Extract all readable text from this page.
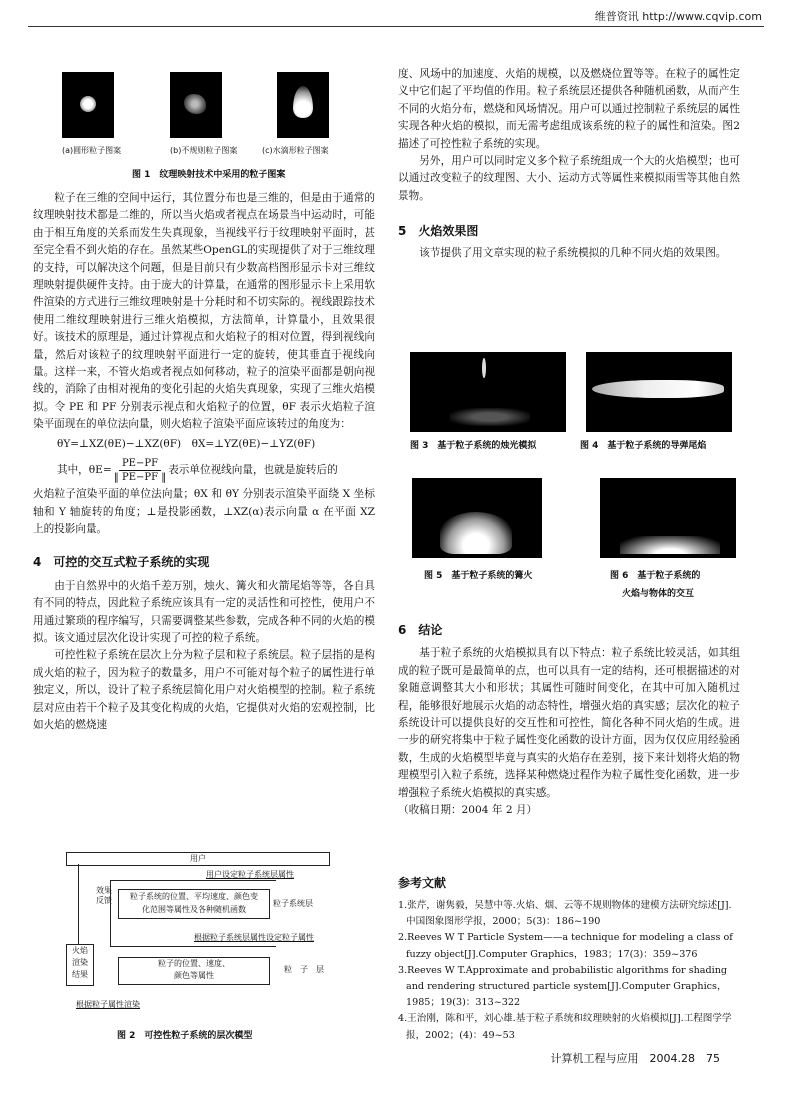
维普资讯 http://www.cqvip.com
(a)圆形粒子图案	(b)不规则粒子图案	(c)水滴形粒子图案
图 1　纹理映射技术中采用的粒子图案

粒子在三维的空间中运行，其位置分布也是三维的，但是由于通常的纹理映射技术都是二维的，所以当火焰或者视点在场景当中运动时，可能由于相互角度的关系而发生失真现象，当视线平行于纹理映射平面时，甚至完全看不到火焰的存在。虽然某些OpenGL的实现提供了对于三维纹理的支持，可以解决这个问题，但是目前只有少数高档图形显示卡对三维纹理映射提供硬件支持。由于庞大的计算量，在通常的图形显示卡上采用软件渲染的方式进行三维纹理映射是十分耗时和不切实际的。视线跟踪技术使用二维纹理映射进行三维火焰模拟，方法简单，计算量小，且效果很好。该技术的原理是，通过计算视点和火焰粒子的相对位置，得到视线向量，然后对该粒子的纹理映射平面进行一定的旋转，使其垂直于视线向量。这样一来，不管火焰或者视点如何移动，粒子的渲染平面都是朝向视线的，消除了由相对视角的变化引起的火焰失真现象，实现了三维火焰模拟。令 PE 和 PF 分别表示视点和火焰粒子的位置，θF 表示火焰粒子渲染平面现在的单位法向量，则火焰粒子渲染平面应该转过的角度为：

θY=⊥XZ(θE)−⊥XZ(θF)　θX=⊥YZ(θE)−⊥YZ(θF)
其中，$\theta E= \frac{PE-PF}{‖ PE-PF ‖}$ 表示单位视线向量，也就是旋转后的

火焰粒子渲染平面的单位法向量；θX 和 θY 分别表示渲染平面绕 X 坐标轴和 Y 轴旋转的角度；⊥是投影函数，⊥XZ(α)表示向量 α 在平面 XZ 上的投影向量。

4　可控的交互式粒子系统的实现

由于自然界中的火焰千差万别，烛火、篝火和火箭尾焰等等，各自具有不同的特点，因此粒子系统应该具有一定的灵活性和可控性，使用户不用通过繁琐的程序编写，只需要调整某些参数，完成各种不同的火焰的模拟。该文通过层次化设计实现了可控的粒子系统。

可控性粒子系统在层次上分为粒子层和粒子系统层。粒子层指的是构成火焰的粒子，因为粒子的数量多，用户不可能对每个粒子的属性进行单独定义，所以，设计了粒子系统层简化用户对火焰模型的控制。粒子系统层对应由若干个粒子及其变化构成的火焰，它提供对火焰的宏观控制，比如火焰的燃烧速

用户
用户设定粒子系统层属性
效果
反馈	粒子系统的位置、平均速度、颜色变
化范围等属性及各种随机函数
粒子系统层
根据粒子系统层属性设定粒子属性
火焰
渲染
结果
粒子的位置、速度、
颜色等属性
粒　子　层
根据粒子属性渲染
图 2　可控性粒子系统的层次模型

度、风场中的加速度、火焰的规模，以及燃烧位置等等。在粒子的属性定义中它们起了平均值的作用。粒子系统层还提供各种随机函数，从而产生不同的火焰分布，燃烧和风场情况。用户可以通过控制粒子系统层的属性实现各种火焰的模拟，而无需考虑组成该系统的粒子的属性和渲染。图2描述了可控性粒子系统的实现。

另外，用户可以同时定义多个粒子系统组成一个大的火焰模型；也可以通过改变粒子的纹理图、大小、运动方式等属性来模拟雨雪等其他自然景物。

5　火焰效果图

该节提供了用文章实现的粒子系统模拟的几种不同火焰的效果图。

图 3　基于粒子系统的烛光模拟	图 4　基于粒子系统的导弹尾焰
图 5　基于粒子系统的篝火	图 6　基于粒子系统的
火焰与物体的交互
6　结论

基于粒子系统的火焰模拟具有以下特点：粒子系统比较灵活，如其组成的粒子既可是最简单的点，也可以具有一定的结构，还可根据描述的对象随意调整其大小和形状；其属性可随时间变化，在其中可加入随机过程，能够很好地展示火焰的动态特性，增强火焰的真实感；层次化的粒子系统设计可以提供良好的交互性和可控性，简化各种不同火焰的生成。进一步的研究将集中于粒子属性变化函数的设计方面，因为仅仅应用经验函数，生成的火焰模型毕竟与真实的火焰存在差别，接下来计划将火焰的物理模型引入粒子系统，选择某种燃烧过程作为粒子属性变化函数，进一步增强粒子系统火焰模拟的真实感。

（收稿日期：2004 年 2 月）

参考文献
1.张芹，谢隽毅，吴慧中等.火焰、烟、云等不规则物体的建模方法研究综述[J].中国图象图形学报，2000；5(3)：186~190
2.Reeves W T Particle System——a technique for modeling a class of fuzzy object[J].Computer Graphics，1983；17(3)：359~376
3.Reeves W T.Approximate and probabilistic algorithms for shading and rendering structured particle system[J].Computer Graphics，1985；19(3)：313~322
4.王治刚，陈和平，刘心雄.基于粒子系统和纹理映射的火焰模拟[J].工程图学学报，2002；(4)：49~53
计算机工程与应用　2004.28　75
